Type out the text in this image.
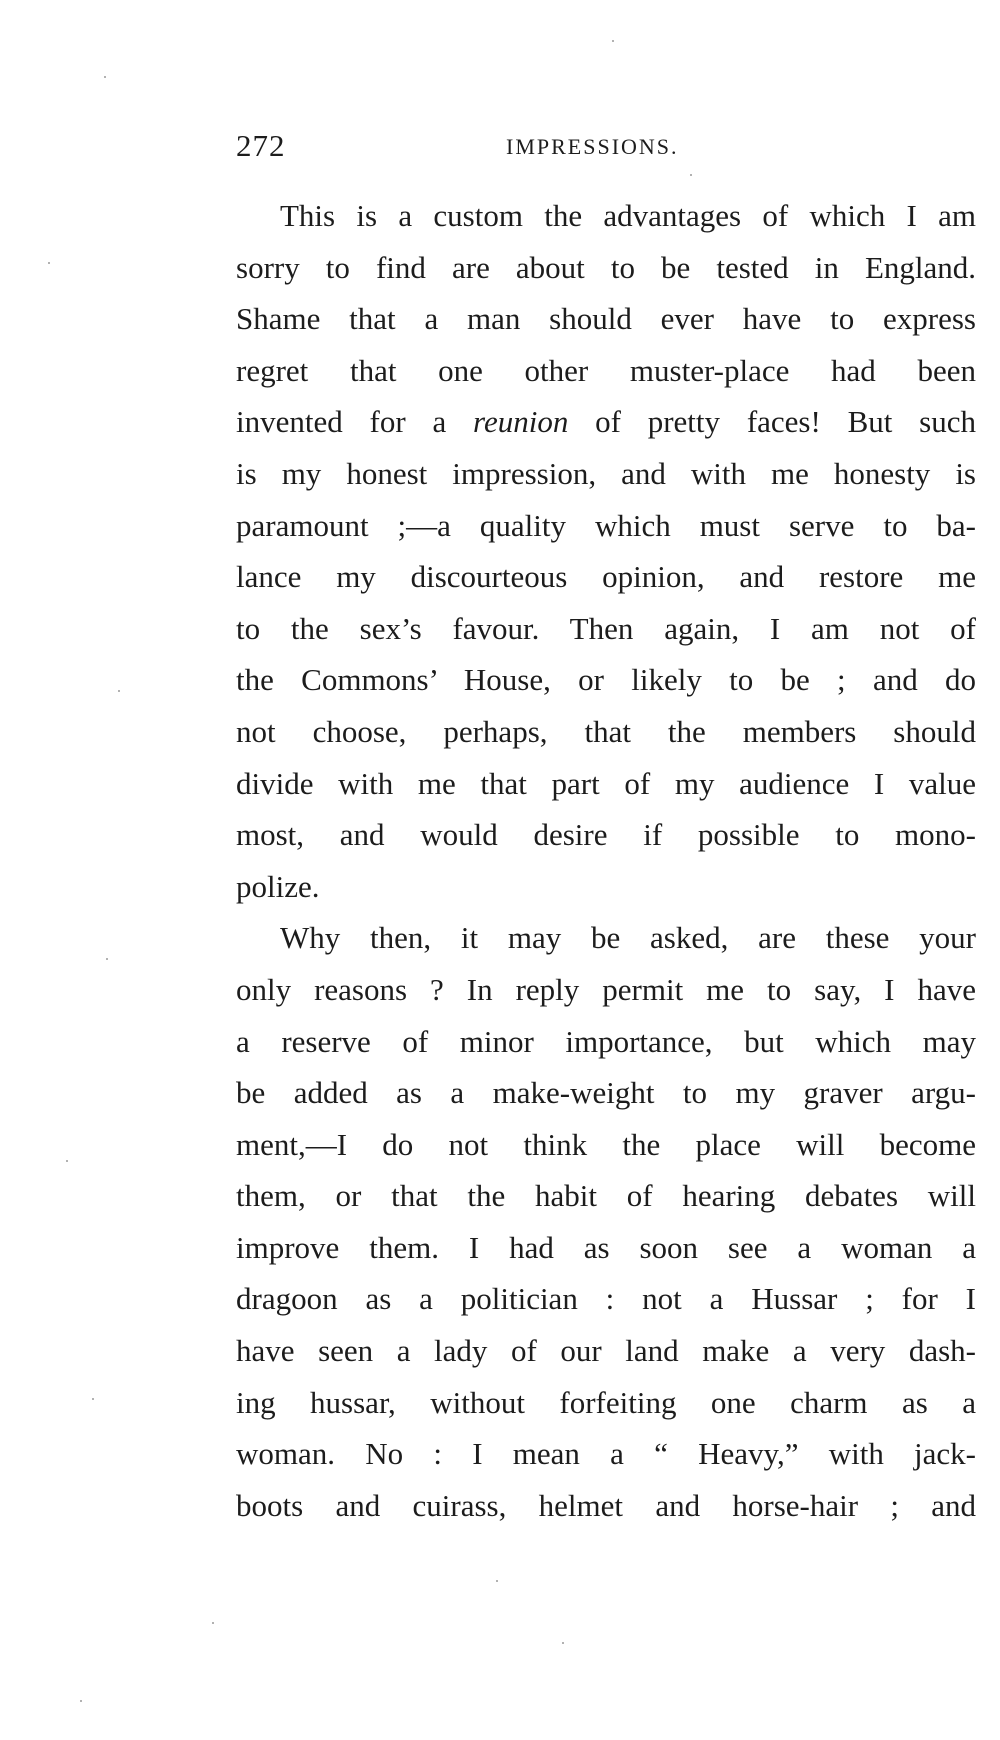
272	IMPRESSIONS.
This is a custom the advantages of which I am
sorry to find are about to be tested in England.
Shame that a man should ever have to express
regret that one other muster-place had been
invented for a reunion of pretty faces! But such
is my honest impression, and with me honesty is
paramount ;—a quality which must serve to ba-
lance my discourteous opinion, and restore me
to the sex’s favour. Then again, I am not of
the Commons’ House, or likely to be ; and do
not choose, perhaps, that the members should
divide with me that part of my audience I value
most, and would desire if possible to mono-
polize.
Why then, it may be asked, are these your
only reasons ? In reply permit me to say, I have
a reserve of minor importance, but which may
be added as a make-weight to my graver argu-
ment,—I do not think the place will become
them, or that the habit of hearing debates will
improve them. I had as soon see a woman a
dragoon as a politician : not a Hussar ; for I
have seen a lady of our land make a very dash-
ing hussar, without forfeiting one charm as a
woman. No : I mean a “ Heavy,” with jack-
boots and cuirass, helmet and horse-hair ; and
